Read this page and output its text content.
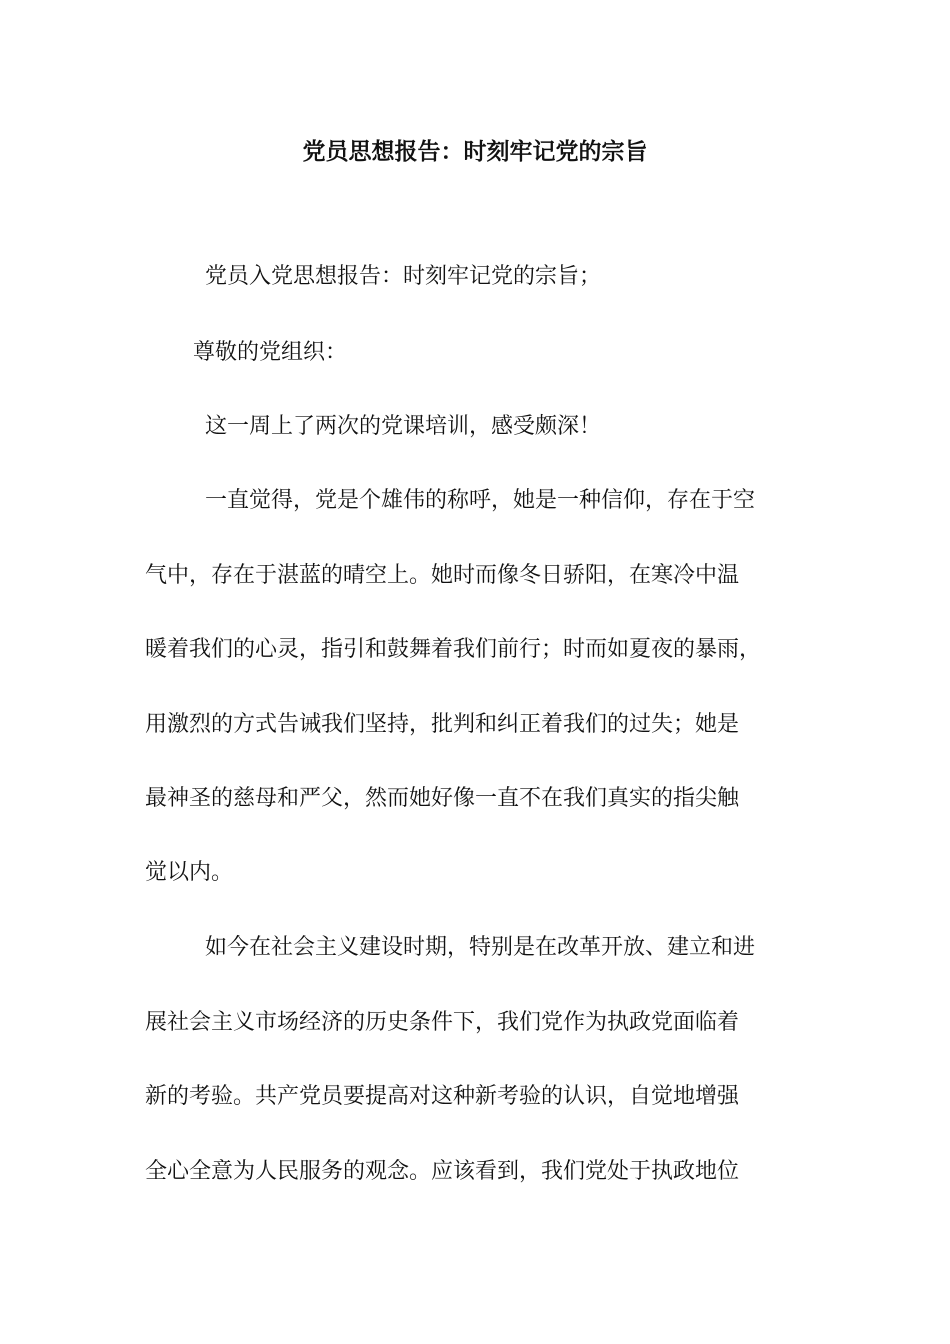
党员思想报告：时刻牢记党的宗旨
党员入党思想报告：时刻牢记党的宗旨；
尊敬的党组织：
这一周上了两次的党课培训，感受颇深！
一直觉得，党是个雄伟的称呼，她是一种信仰，存在于空
气中，存在于湛蓝的晴空上。她时而像冬日骄阳，在寒冷中温
暖着我们的心灵，指引和鼓舞着我们前行；时而如夏夜的暴雨，
用激烈的方式告诫我们坚持，批判和纠正着我们的过失；她是
最神圣的慈母和严父，然而她好像一直不在我们真实的指尖触
觉以内。
如今在社会主义建设时期，特别是在改革开放、建立和进
展社会主义市场经济的历史条件下，我们党作为执政党面临着
新的考验。共产党员要提高对这种新考验的认识，自觉地增强
全心全意为人民服务的观念。应该看到，我们党处于执政地位
